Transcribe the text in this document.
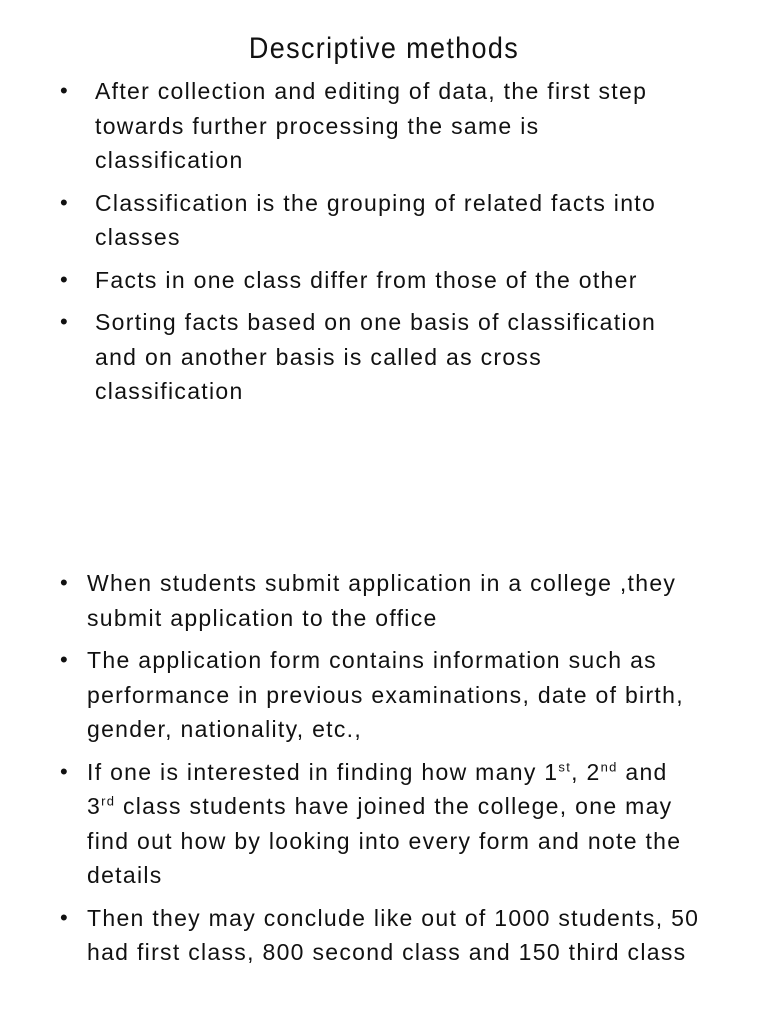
Descriptive methods
• After collection and editing of data, the first step towards further processing the same is classification
• Classification is the grouping of related facts into classes
• Facts in one class differ from those of the other
• Sorting facts based on one basis of classification and on another basis is called as cross classification
• When students submit application in a college ,they submit application to the office
• The application form contains information such as performance in previous examinations, date of birth, gender, nationality, etc.,
• If one is interested in finding how many 1st, 2nd and 3rd class students have joined the college, one may find out how by looking into every form and note the details
• Then they may conclude like out of 1000 students, 50 had first class, 800 second class and 150 third class
